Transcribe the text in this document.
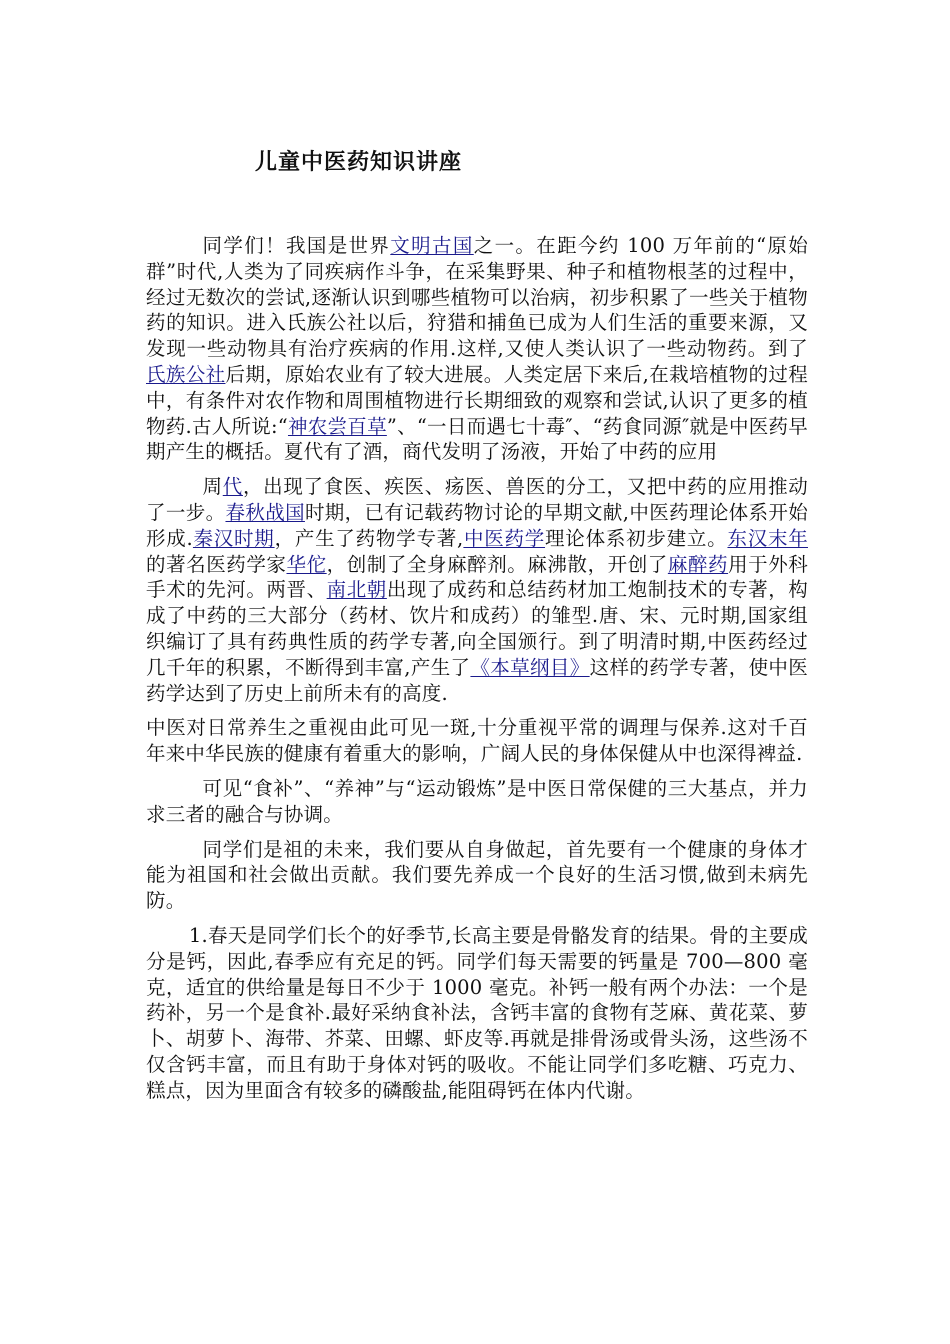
儿童中医药知识讲座

同学们！我国是世界文明古国之一。在距今约 100 万年前的“原始群”时代,人类为了同疾病作斗争，在采集野果、种子和植物根茎的过程中，经过无数次的尝试,逐渐认识到哪些植物可以治病，初步积累了一些关于植物药的知识。进入氏族公社以后，狩猎和捕鱼已成为人们生活的重要来源，又发现一些动物具有治疗疾病的作用.这样,又使人类认识了一些动物药。到了氏族公社后期，原始农业有了较大进展。人类定居下来后,在栽培植物的过程中，有条件对农作物和周围植物进行长期细致的观察和尝试,认识了更多的植物药.古人所说:“神农尝百草”、“一日而遇七十毒″、“药食同源″就是中医药早期产生的概括。夏代有了酒，商代发明了汤液，开始了中药的应用

周代，出现了食医、疾医、疡医、兽医的分工，又把中药的应用推动了一步。春秋战国时期，已有记载药物讨论的早期文献,中医药理论体系开始形成.秦汉时期，产生了药物学专著,中医药学理论体系初步建立。东汉末年的著名医药学家华佗，创制了全身麻醉剂。麻沸散，开创了麻醉药用于外科手术的先河。两晋、南北朝出现了成药和总结药材加工炮制技术的专著，构成了中药的三大部分（药材、饮片和成药）的雏型.唐、宋、元时期,国家组织编订了具有药典性质的药学专著,向全国颁行。到了明清时期,中医药经过几千年的积累，不断得到丰富,产生了《本草纲目》这样的药学专著，使中医药学达到了历史上前所未有的高度.

中医对日常养生之重视由此可见一斑,十分重视平常的调理与保养.这对千百年来中华民族的健康有着重大的影响，广阔人民的身体保健从中也深得裨益.

可见“食补”、“养神”与“运动锻炼”是中医日常保健的三大基点，并力求三者的融合与协调。

同学们是祖的未来，我们要从自身做起，首先要有一个健康的身体才能为祖国和社会做出贡献。我们要先养成一个良好的生活习惯,做到未病先防。

1.春天是同学们长个的好季节,长高主要是骨骼发育的结果。骨的主要成分是钙，因此,春季应有充足的钙。同学们每天需要的钙量是 700—800 毫克，适宜的供给量是每日不少于 1000 毫克。补钙一般有两个办法：一个是药补，另一个是食补.最好采纳食补法，含钙丰富的食物有芝麻、黄花菜、萝卜、胡萝卜、海带、芥菜、田螺、虾皮等.再就是排骨汤或骨头汤，这些汤不仅含钙丰富，而且有助于身体对钙的吸收。不能让同学们多吃糖、巧克力、糕点，因为里面含有较多的磷酸盐,能阻碍钙在体内代谢。
